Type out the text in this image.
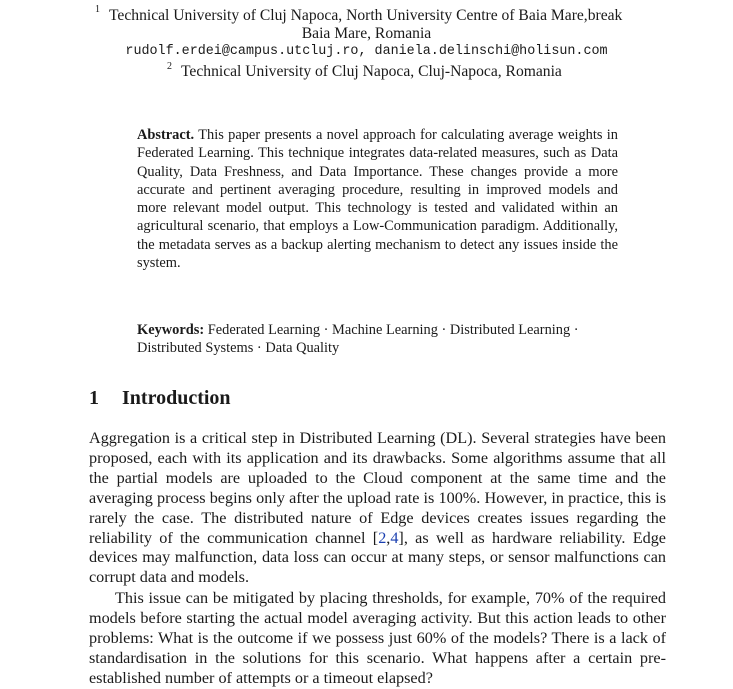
1 Technical University of Cluj Napoca, North University Centre of Baia Mare,break
Baia Mare, Romania
rudolf.erdei@campus.utcluj.ro, daniela.delinschi@holisun.com
2 Technical University of Cluj Napoca, Cluj-Napoca, Romania

Abstract. This paper presents a novel approach for calculating average weights in Federated Learning. This technique integrates data-related measures, such as Data Quality, Data Freshness, and Data Importance. These changes provide a more accurate and pertinent averaging procedure, resulting in improved models and more relevant model output. This technology is tested and validated within an agricultural scenario, that employs a Low-Communication paradigm. Additionally, the metadata serves as a backup alerting mechanism to detect any issues inside the system.

Keywords: Federated Learning · Machine Learning · Distributed Learning · Distributed Systems · Data Quality

1 Introduction

Aggregation is a critical step in Distributed Learning (DL). Several strategies have been proposed, each with its application and its drawbacks. Some algorithms assume that all the partial models are uploaded to the Cloud component at the same time and the averaging process begins only after the upload rate is 100%. However, in practice, this is rarely the case. The distributed nature of Edge devices creates issues regarding the reliability of the communication channel [2,4], as well as hardware reliability. Edge devices may malfunction, data loss can occur at many steps, or sensor malfunctions can corrupt data and models.

This issue can be mitigated by placing thresholds, for example, 70% of the required models before starting the actual model averaging activity. But this action leads to other problems: What is the outcome if we possess just 60% of the models? There is a lack of standardisation in the solutions for this scenario. What happens after a certain pre-established number of attempts or a timeout elapsed?
